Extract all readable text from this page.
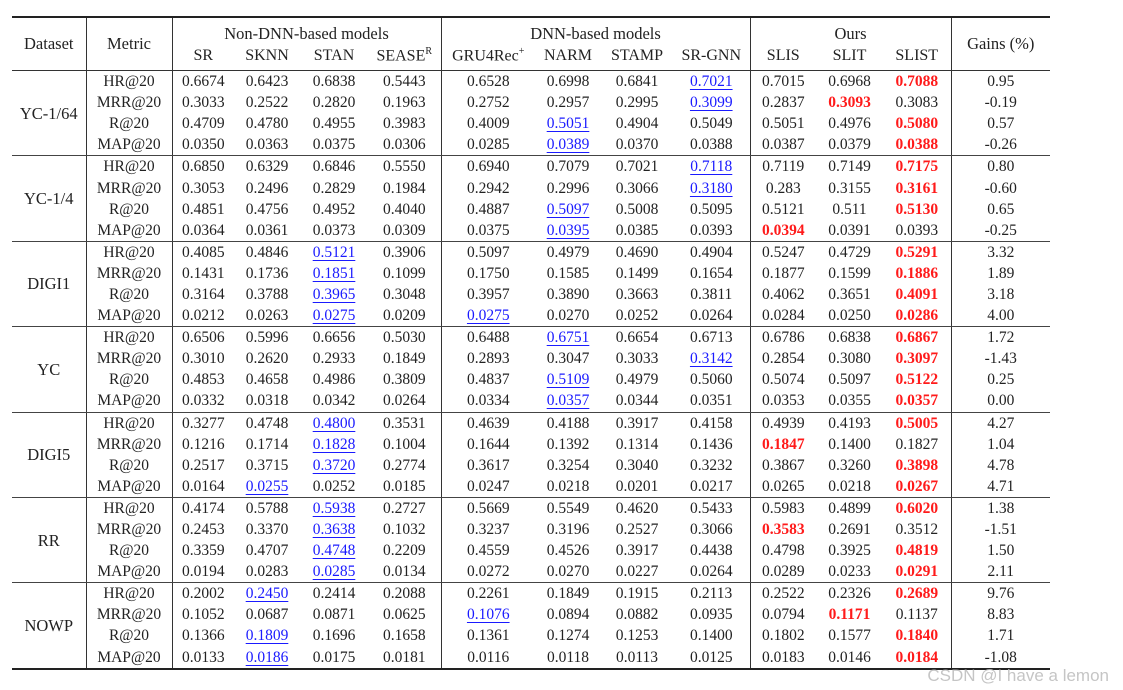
Dataset	Metric	Non-DNN-based models				DNN-based models				Ours			Gains (%)
		SR	SKNN	STAN	$SEASE^R$	GRU4Rec+	NARM	STAMP	SR-GNN	SLIS	SLIT	SLIST	
YC-1/64	HR@20	0.6674	0.6423	0.6838	0.5443	0.6528	0.6998	0.6841	0.7021	0.7015	0.6968	0.7088	0.95
	MRR@20	0.3033	0.2522	0.2820	0.1963	0.2752	0.2957	0.2995	0.3099	0.2837	0.3093	0.3083	-0.19
	R@20	0.4709	0.4780	0.4955	0.3983	0.4009	0.5051	0.4904	0.5049	0.5051	0.4976	0.5080	0.57
	MAP@20	0.0350	0.0363	0.0375	0.0306	0.0285	0.0389	0.0370	0.0388	0.0387	0.0379	0.0388	-0.26
YC-1/4	HR@20	0.6850	0.6329	0.6846	0.5550	0.6940	0.7079	0.7021	0.7118	0.7119	0.7149	0.7175	0.80
	MRR@20	0.3053	0.2496	0.2829	0.1984	0.2942	0.2996	0.3066	0.3180	0.283	0.3155	0.3161	-0.60
	R@20	0.4851	0.4756	0.4952	0.4040	0.4887	0.5097	0.5008	0.5095	0.5121	0.511	0.5130	0.65
	MAP@20	0.0364	0.0361	0.0373	0.0309	0.0375	0.0395	0.0385	0.0393	0.0394	0.0391	0.0393	-0.25
DIGI1	HR@20	0.4085	0.4846	0.5121	0.3906	0.5097	0.4979	0.4690	0.4904	0.5247	0.4729	0.5291	3.32
	MRR@20	0.1431	0.1736	0.1851	0.1099	0.1750	0.1585	0.1499	0.1654	0.1877	0.1599	0.1886	1.89
	R@20	0.3164	0.3788	0.3965	0.3048	0.3957	0.3890	0.3663	0.3811	0.4062	0.3651	0.4091	3.18
	MAP@20	0.0212	0.0263	0.0275	0.0209	0.0275	0.0270	0.0252	0.0264	0.0284	0.0250	0.0286	4.00
YC	HR@20	0.6506	0.5996	0.6656	0.5030	0.6488	0.6751	0.6654	0.6713	0.6786	0.6838	0.6867	1.72
	MRR@20	0.3010	0.2620	0.2933	0.1849	0.2893	0.3047	0.3033	0.3142	0.2854	0.3080	0.3097	-1.43
	R@20	0.4853	0.4658	0.4986	0.3809	0.4837	0.5109	0.4979	0.5060	0.5074	0.5097	0.5122	0.25
	MAP@20	0.0332	0.0318	0.0342	0.0264	0.0334	0.0357	0.0344	0.0351	0.0353	0.0355	0.0357	0.00
DIGI5	HR@20	0.3277	0.4748	0.4800	0.3531	0.4639	0.4188	0.3917	0.4158	0.4939	0.4193	0.5005	4.27
	MRR@20	0.1216	0.1714	0.1828	0.1004	0.1644	0.1392	0.1314	0.1436	0.1847	0.1400	0.1827	1.04
	R@20	0.2517	0.3715	0.3720	0.2774	0.3617	0.3254	0.3040	0.3232	0.3867	0.3260	0.3898	4.78
	MAP@20	0.0164	0.0255	0.0252	0.0185	0.0247	0.0218	0.0201	0.0217	0.0265	0.0218	0.0267	4.71
RR	HR@20	0.4174	0.5788	0.5938	0.2727	0.5669	0.5549	0.4620	0.5433	0.5983	0.4899	0.6020	1.38
	MRR@20	0.2453	0.3370	0.3638	0.1032	0.3237	0.3196	0.2527	0.3066	0.3583	0.2691	0.3512	-1.51
	R@20	0.3359	0.4707	0.4748	0.2209	0.4559	0.4526	0.3917	0.4438	0.4798	0.3925	0.4819	1.50
	MAP@20	0.0194	0.0283	0.0285	0.0134	0.0272	0.0270	0.0227	0.0264	0.0289	0.0233	0.0291	2.11
NOWP	HR@20	0.2002	0.2450	0.2414	0.2088	0.2261	0.1849	0.1915	0.2113	0.2522	0.2326	0.2689	9.76
	MRR@20	0.1052	0.0687	0.0871	0.0625	0.1076	0.0894	0.0882	0.0935	0.0794	0.1171	0.1137	8.83
	R@20	0.1366	0.1809	0.1696	0.1658	0.1361	0.1274	0.1253	0.1400	0.1802	0.1577	0.1840	1.71
	MAP@20	0.0133	0.0186	0.0175	0.0181	0.0116	0.0118	0.0113	0.0125	0.0183	0.0146	0.0184	-1.08
CSDN @I have a lemon
